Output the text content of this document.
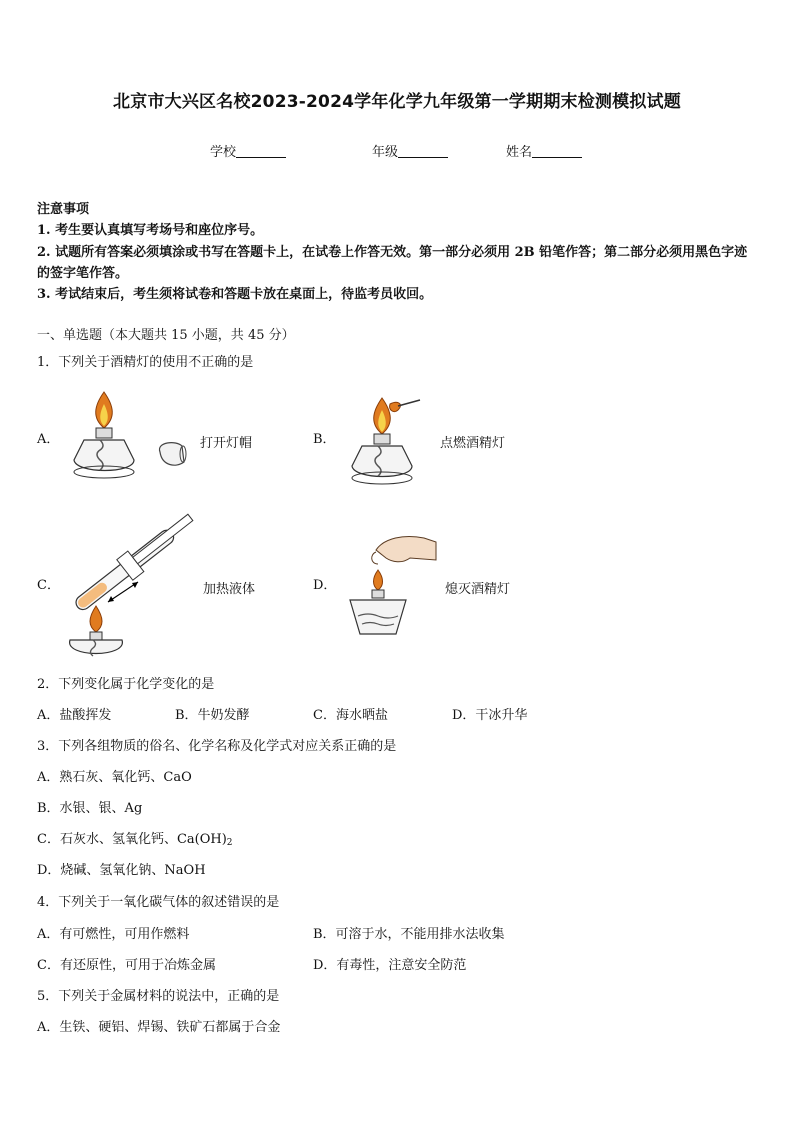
北京市大兴区名校2023-2024学年化学九年级第一学期期末检测模拟试题
学校	年级	姓名
注意事项
1. 考生要认真填写考场号和座位序号。
2. 试题所有答案必须填涂或书写在答题卡上，在试卷上作答无效。第一部分必须用 2B 铅笔作答；第二部分必须用黑色字迹的签字笔作答。
3. 考试结束后，考生须将试卷和答题卡放在桌面上，待监考员收回。
一、单选题（本大题共 15 小题，共 45 分）
1．下列关于酒精灯的使用不正确的是
A．	打开灯帽	B．	点燃酒精灯
C．	加热液体	D．	熄灭酒精灯
2．下列变化属于化学变化的是
A．盐酸挥发	B．牛奶发酵	C．海水晒盐	D．干冰升华
3．下列各组物质的俗名、化学名称及化学式对应关系正确的是
A．熟石灰、氧化钙、CaO
B．水银、银、Ag
C．石灰水、氢氧化钙、$Ca(OH)_2$
D．烧碱、氢氧化钠、NaOH
4．下列关于一氧化碳气体的叙述错误的是
A．有可燃性，可用作燃料	B．可溶于水，不能用排水法收集
C．有还原性，可用于冶炼金属	D．有毒性，注意安全防范
5．下列关于金属材料的说法中，正确的是
A．生铁、硬铝、焊锡、铁矿石都属于合金
